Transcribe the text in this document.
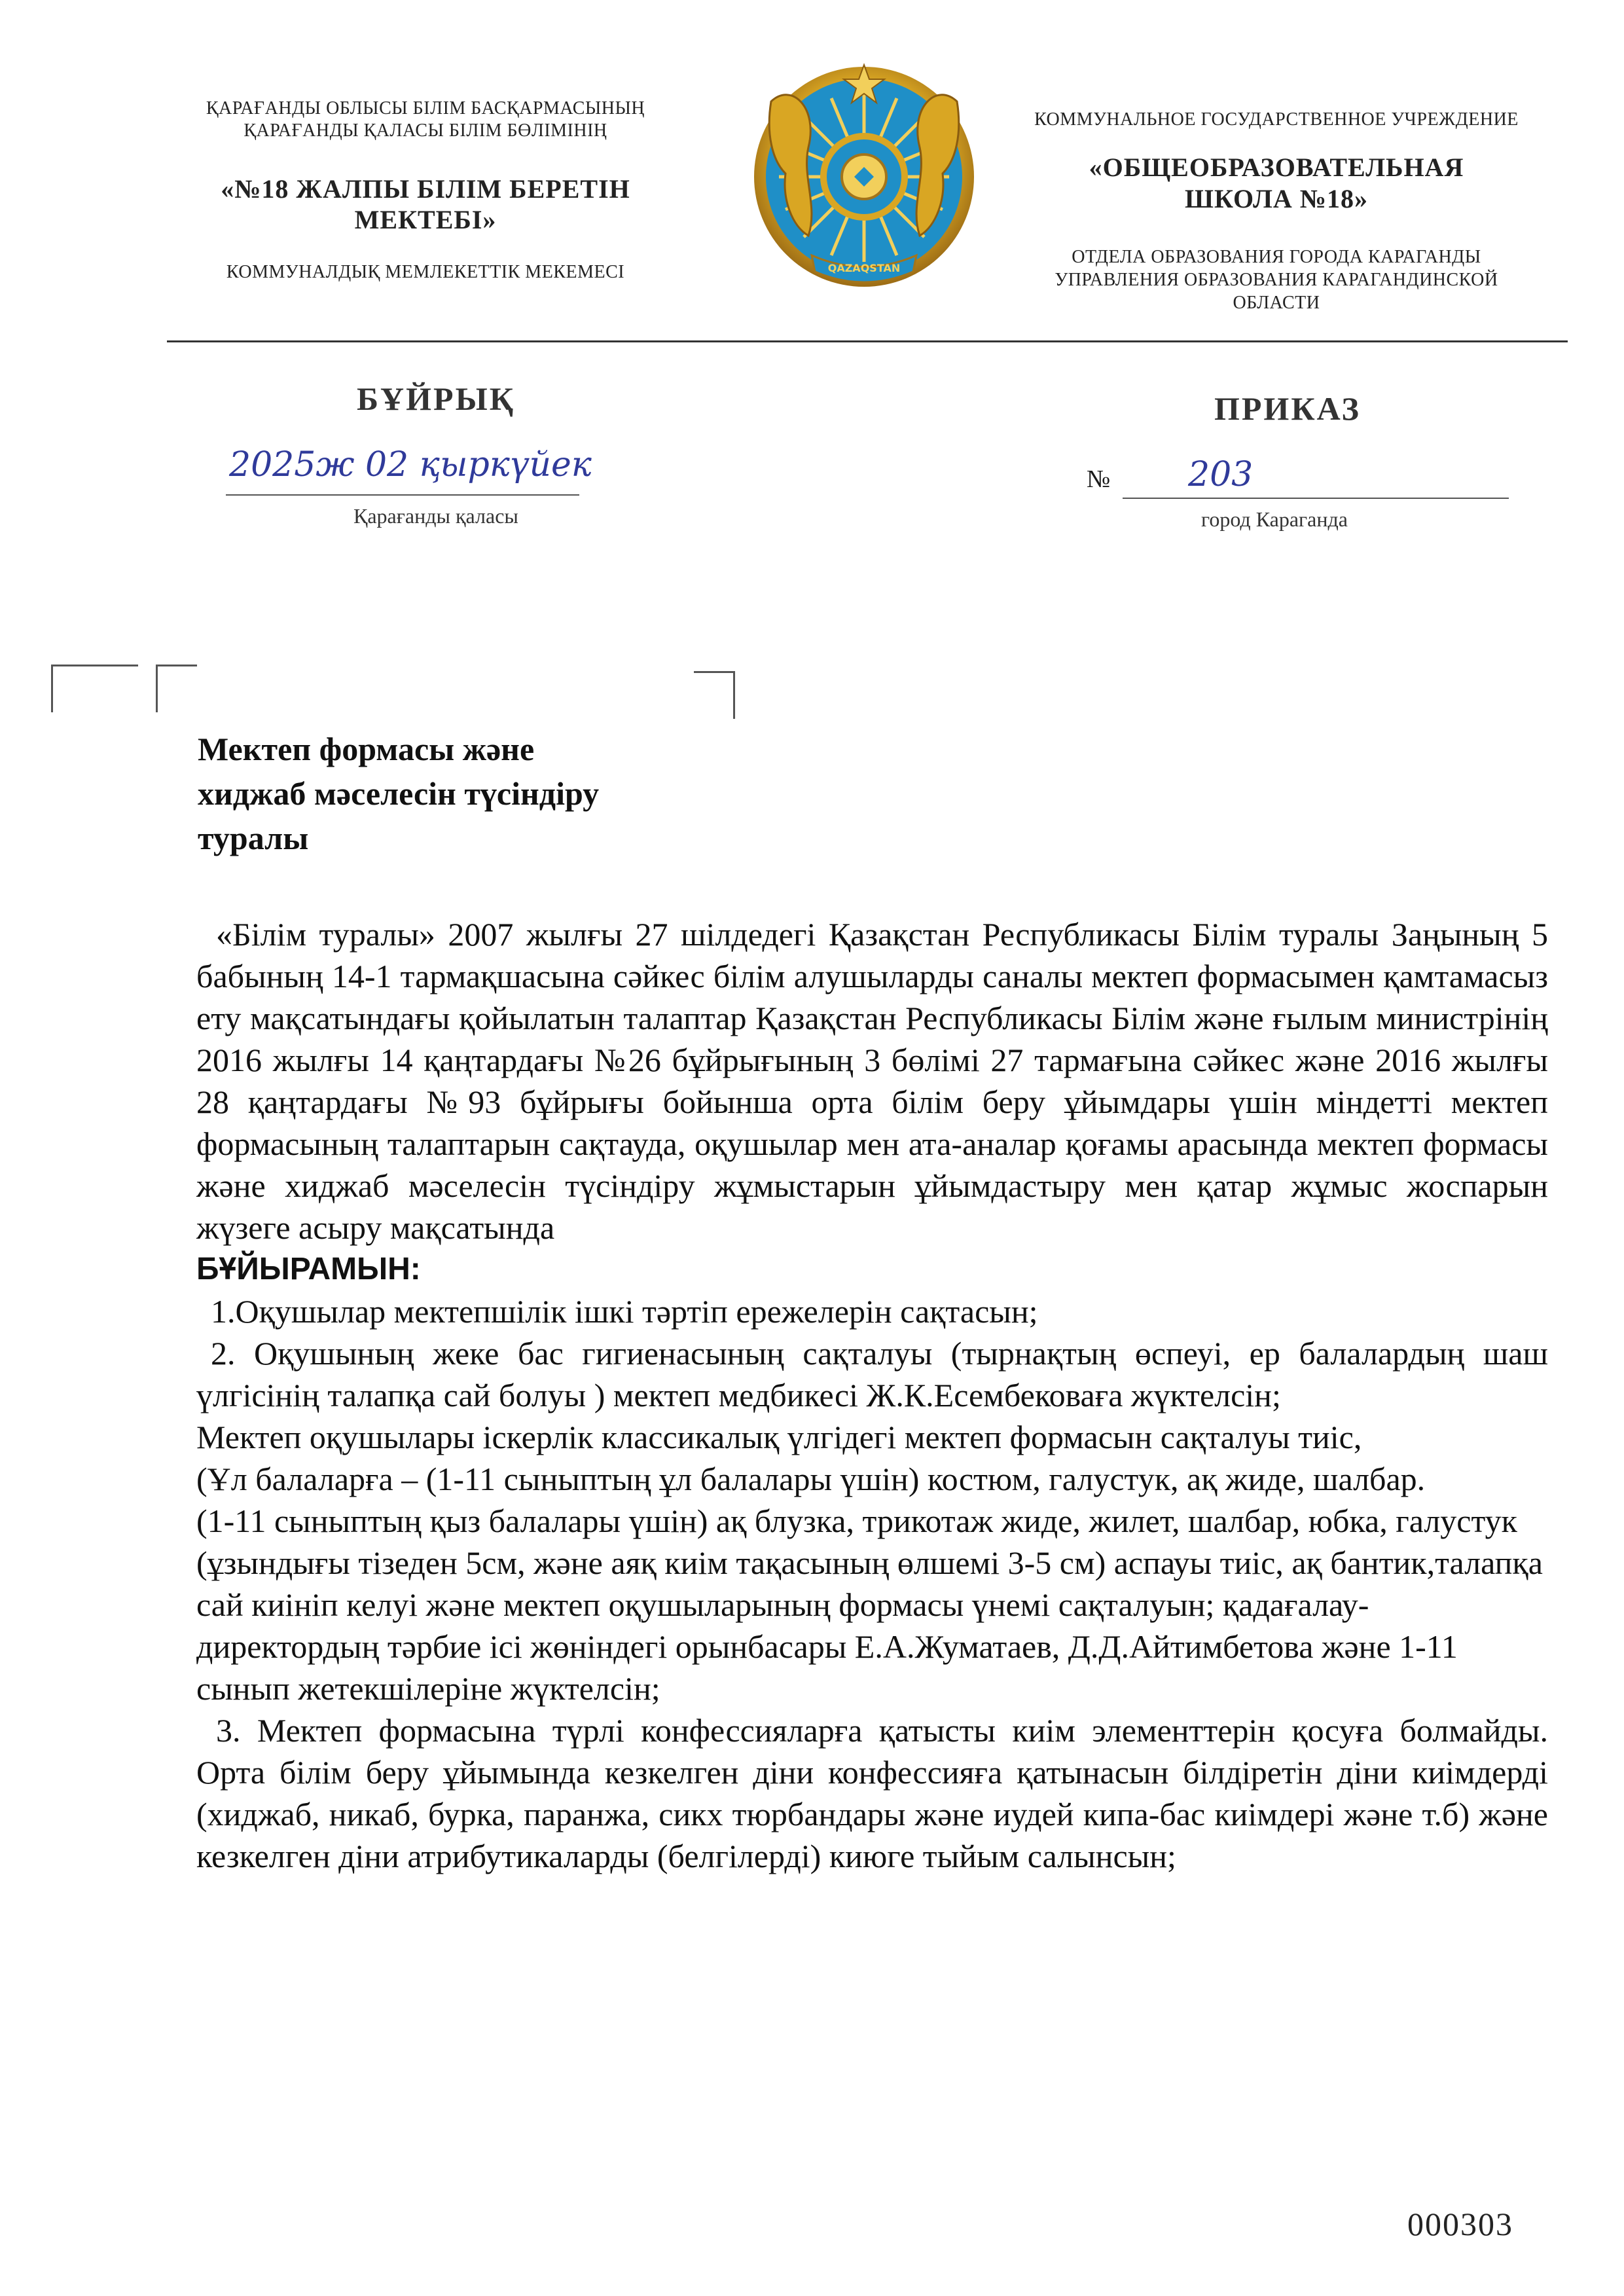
ҚАРАҒАНДЫ ОБЛЫСЫ БІЛІМ БАСҚАРМАСЫНЫҢ
ҚАРАҒАНДЫ ҚАЛАСЫ БІЛІМ БӨЛІМІНІҢ
«№18 ЖАЛПЫ БІЛІМ БЕРЕТІН
МЕКТЕБІ»
КОММУНАЛДЫҚ МЕМЛЕКЕТТІК МЕКЕМЕСІ	QAZAQSTAN
КОММУНАЛЬНОЕ ГОСУДАРСТВЕННОЕ УЧРЕЖДЕНИЕ
«ОБЩЕОБРАЗОВАТЕЛЬНАЯ
ШКОЛА №18»
ОТДЕЛА ОБРАЗОВАНИЯ ГОРОДА КАРАГАНДЫ
УПРАВЛЕНИЯ ОБРАЗОВАНИЯ КАРАГАНДИНСКОЙ
ОБЛАСТИ
БҰЙРЫҚ	ПРИКАЗ
2025ж 02 қыркүйек
Қарағанды қаласы
№ 203
город Караганда
Мектеп формасы және
хиджаб мәселесін түсіндіру
туралы

«Білім туралы» 2007 жылғы 27 шілдедегі Қазақстан Республикасы Білім туралы Заңының 5 бабының 14-1 тармақшасына сәйкес білім алушыларды саналы мектеп формасымен қамтамасыз ету мақсатындағы қойылатын талаптар Қазақстан Республикасы Білім және ғылым министрінің 2016 жылғы 14 қаңтардағы №26 бұйрығының 3 бөлімі 27 тармағына сәйкес және 2016 жылғы 28 қаңтардағы №93 бұйрығы бойынша орта білім беру ұйымдары үшін міндетті мектеп формасының талаптарын сақтауда, оқушылар мен ата-аналар қоғамы арасында мектеп формасы және хиджаб мәселесін түсіндіру жұмыстарын ұйымдастыру мен қатар жұмыс жоспарын жүзеге асыру мақсатында

БҰЙЫРАМЫН:

1.Оқушылар мектепшілік ішкі тәртіп ережелерін сақтасын;

2. Оқушының жеке бас гигиенасының сақталуы (тырнақтың өспеуі, ер балалардың шаш үлгісінің талапқа сай болуы ) мектеп медбикесі Ж.К.Есембековаға жүктелсін;

Мектеп оқушылары іскерлік классикалық үлгідегі мектеп формасын сақталуы тиіс,

(Ұл балаларға – (1-11 сыныптың ұл балалары үшін) костюм, галустук, ақ жиде, шалбар.

(1-11 сыныптың қыз балалары үшін) ақ блузка, трикотаж жиде, жилет, шалбар, юбка, галустук (ұзындығы тізеден 5см, және аяқ киім тақасының өлшемі 3-5 см) аспауы тиіс, ақ бантик,талапқа сай киініп келуі және мектеп оқушыларының формасы үнемі сақталуын; қадағалау-директордың тәрбие ісі жөніндегі орынбасары Е.А.Жуматаев, Д.Д.Айтимбетова және 1-11 сынып жетекшілеріне жүктелсін;

3. Мектеп формасына түрлі конфессияларға қатысты киім элементтерін қосуға болмайды. Орта білім беру ұйымында кезкелген діни конфессияға қатынасын білдіретін діни киімдерді (хиджаб, никаб, бурка, паранжа, сикх тюрбандары және иудей кипа-бас киімдері және т.б) және кезкелген діни атрибутикаларды (белгілерді) киюге тыйым салынсын;

000303
